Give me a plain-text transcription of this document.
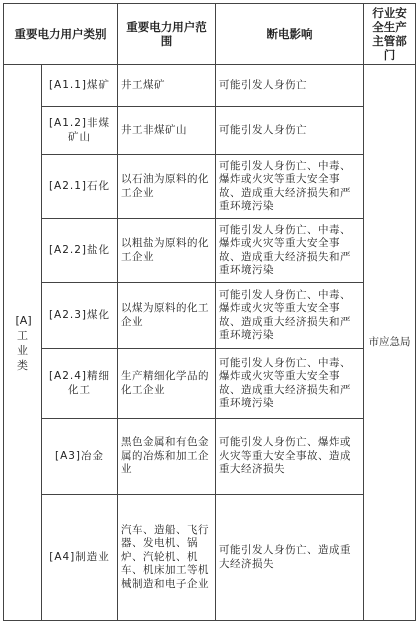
重要电力用户类别		重要电力用户范围	断电影响	行业安全生产主管部门
[A]工业类	[A1.1]煤矿	井工煤矿	可能引发人身伤亡	市应急局
	[A1.2]非煤矿山	井工非煤矿山	可能引发人身伤亡	
	[A2.1]石化	以石油为原料的化工企业	可能引发人身伤亡、中毒、爆炸或火灾等重大安全事故、造成重大经济损失和严重环境污染	
	[A2.2]盐化	以粗盐为原料的化工企业	可能引发人身伤亡、中毒、爆炸或火灾等重大安全事故、造成重大经济损失和严重环境污染	
	[A2.3]煤化	以煤为原料的化工企业	可能引发人身伤亡、中毒、爆炸或火灾等重大安全事故、造成重大经济损失和严重环境污染	
	[A2.4]精细化工	生产精细化学品的化工企业	可能引发人身伤亡、中毒、爆炸或火灾等重大安全事故、造成重大经济损失和严重环境污染	
	[A3]冶金	黑色金属和有色金属的冶炼和加工企业	可能引发人身伤亡、爆炸或火灾等重大安全事故、造成重大经济损失	
	[A4]制造业	汽车、造船、飞行器、发电机、锅炉、汽轮机、机车、机床加工等机械制造和电子企业	可能引发人身伤亡、造成重大经济损失	
